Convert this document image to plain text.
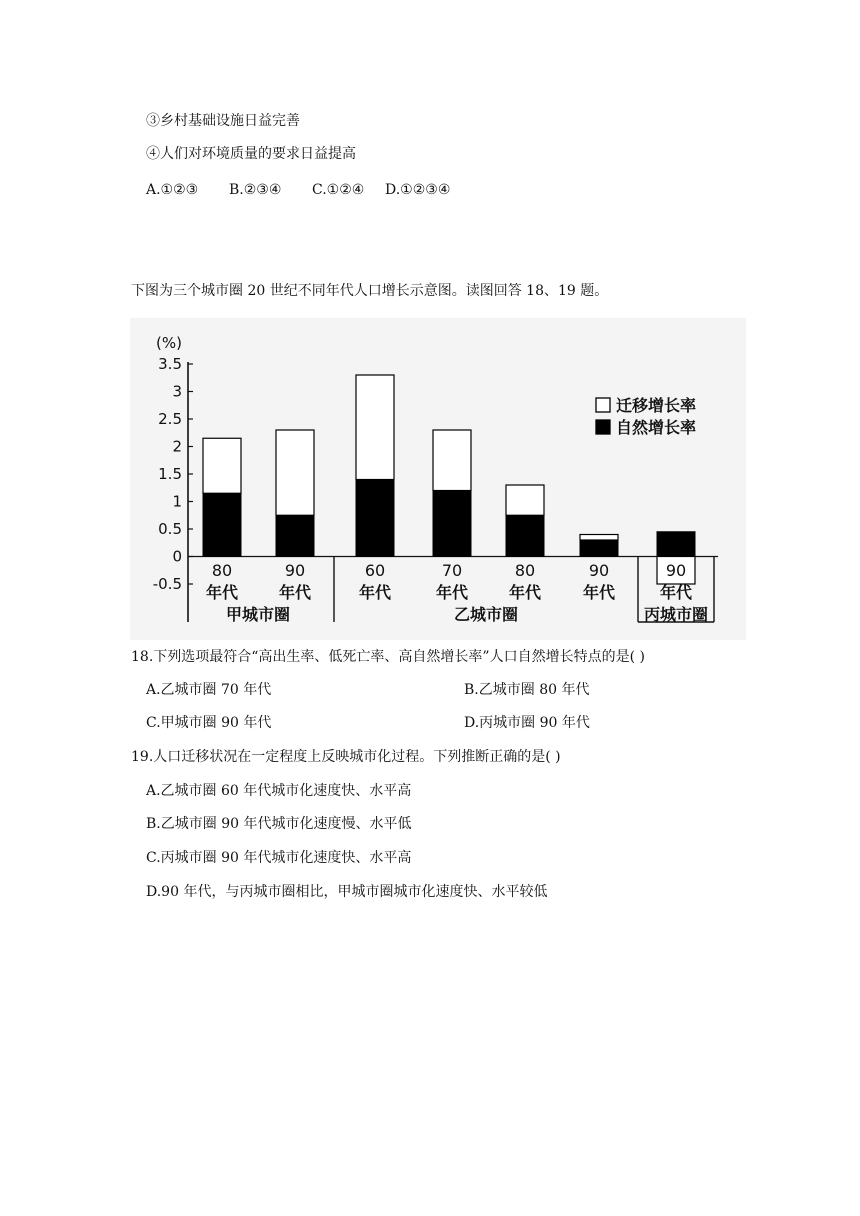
③乡村基础设施日益完善
④人们对环境质量的要求日益提高
A.①②③ B.②③④ C.①②④ D.①②③④
下图为三个城市圈 20 世纪不同年代人口增长示意图。读图回答 18、19 题。
(%)
3.5
3
2.5
2
1.5
1
0.5
0
-0.5
80
年代
90
年代
60
年代
70
年代
80
年代
90
年代
90
年代
甲城市圈	乙城市圈	丙城市圈
迁移增长率
自然增长率
18.下列选项最符合“高出生率、低死亡率、高自然增长率”人口自然增长特点的是( )
A.乙城市圈 70 年代	B.乙城市圈 80 年代
C.甲城市圈 90 年代	D.丙城市圈 90 年代
19.人口迁移状况在一定程度上反映城市化过程。下列推断正确的是( )
A.乙城市圈 60 年代城市化速度快、水平高
B.乙城市圈 90 年代城市化速度慢、水平低
C.丙城市圈 90 年代城市化速度快、水平高
D.90 年代，与丙城市圈相比，甲城市圈城市化速度快、水平较低
